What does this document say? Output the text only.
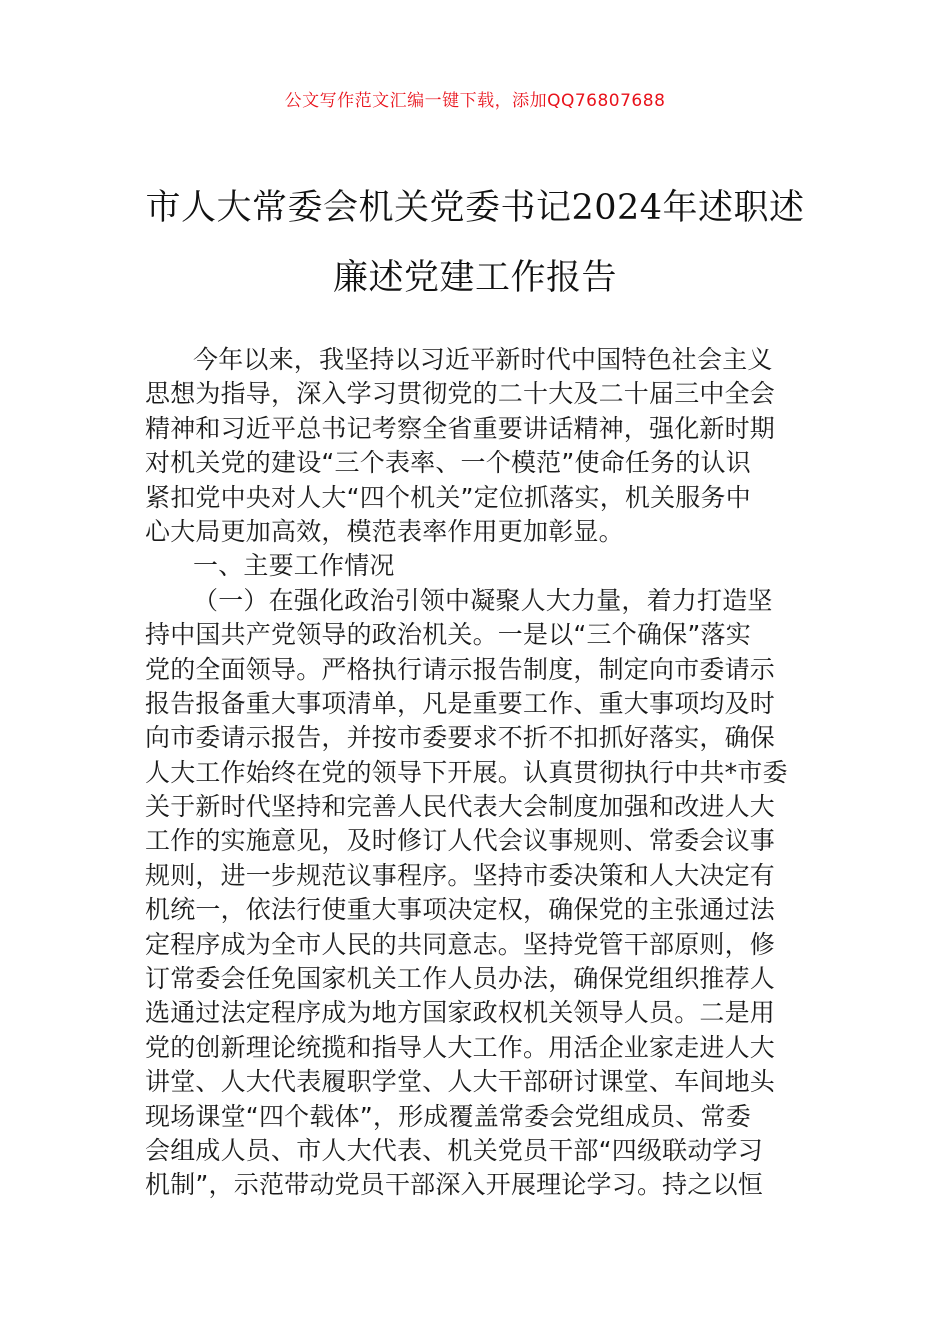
公文写作范文汇编一键下载，添加QQ76807688
市人大常委会机关党委书记2024年述职述
廉述党建工作报告
今年以来，我坚持以习近平新时代中国特色社会主义
思想为指导，深入学习贯彻党的二十大及二十届三中全会
精神和习近平总书记考察全省重要讲话精神，强化新时期
对机关党的建设“三个表率、一个模范”使命任务的认识
紧扣党中央对人大“四个机关”定位抓落实，机关服务中
心大局更加高效，模范表率作用更加彰显。
一、主要工作情况
（一）在强化政治引领中凝聚人大力量，着力打造坚
持中国共产党领导的政治机关。一是以“三个确保”落实
党的全面领导。严格执行请示报告制度，制定向市委请示
报告报备重大事项清单，凡是重要工作、重大事项均及时
向市委请示报告，并按市委要求不折不扣抓好落实，确保
人大工作始终在党的领导下开展。认真贯彻执行中共*市委
关于新时代坚持和完善人民代表大会制度加强和改进人大
工作的实施意见，及时修订人代会议事规则、常委会议事
规则，进一步规范议事程序。坚持市委决策和人大决定有
机统一，依法行使重大事项决定权，确保党的主张通过法
定程序成为全市人民的共同意志。坚持党管干部原则，修
订常委会任免国家机关工作人员办法，确保党组织推荐人
选通过法定程序成为地方国家政权机关领导人员。二是用
党的创新理论统揽和指导人大工作。用活企业家走进人大
讲堂、人大代表履职学堂、人大干部研讨课堂、车间地头
现场课堂“四个载体”，形成覆盖常委会党组成员、常委
会组成人员、市人大代表、机关党员干部“四级联动学习
机制”，示范带动党员干部深入开展理论学习。持之以恒
